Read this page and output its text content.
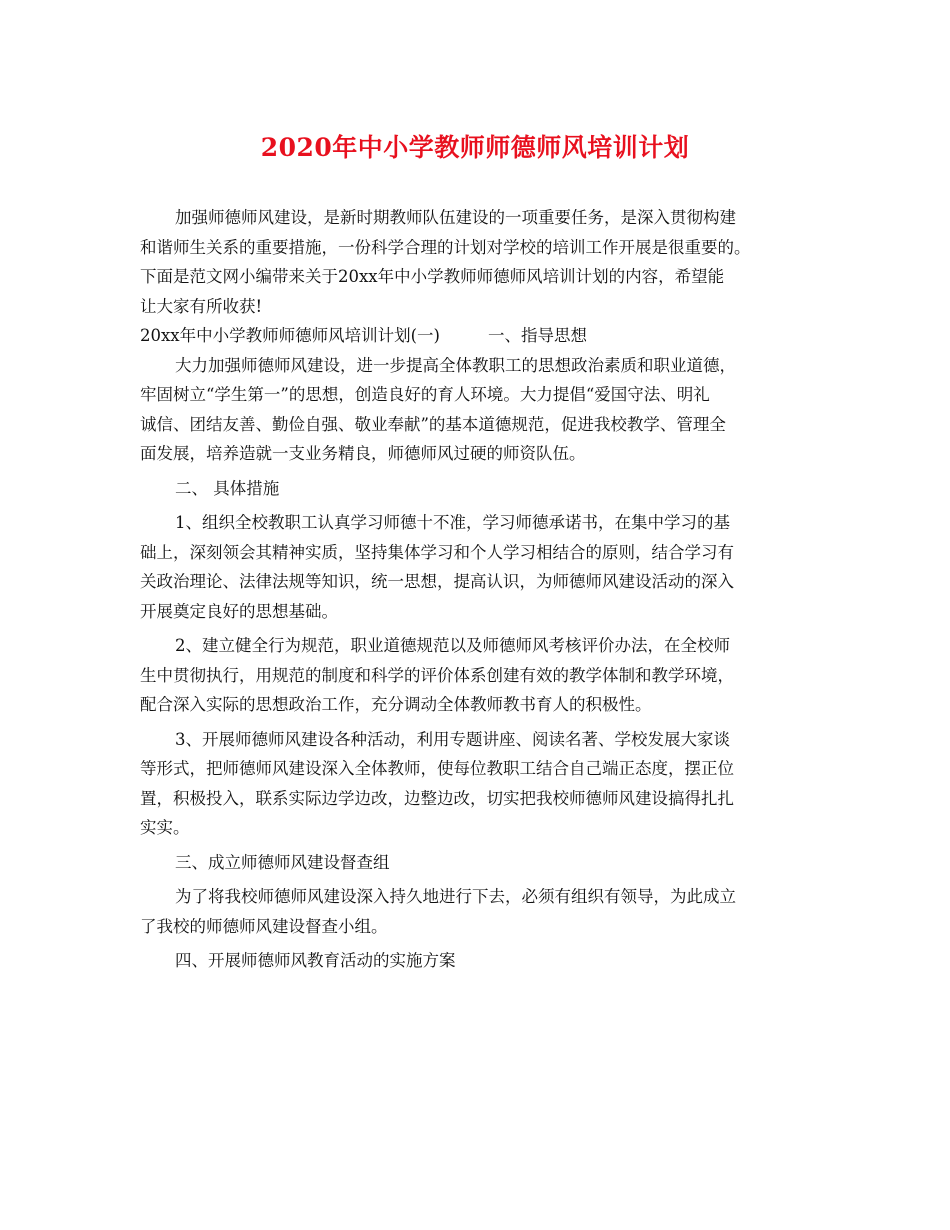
2020年中小学教师师德师风培训计划
加强师德师风建设，是新时期教师队伍建设的一项重要任务，是深入贯彻构建
和谐师生关系的重要措施，一份科学合理的计划对学校的培训工作开展是很重要的。
下面是范文网小编带来关于20xx年中小学教师师德师风培训计划的内容，希望能
让大家有所收获!
20xx年中小学教师师德师风培训计划(一)	一、指导思想
大力加强师德师风建设，进一步提高全体教职工的思想政治素质和职业道德，
牢固树立“学生第一”的思想，创造良好的育人环境。大力提倡“爱国守法、明礼
诚信、团结友善、勤俭自强、敬业奉献”的基本道德规范，促进我校教学、管理全
面发展，培养造就一支业务精良，师德师风过硬的师资队伍。
二、 具体措施
1、组织全校教职工认真学习师德十不准，学习师德承诺书，在集中学习的基
础上，深刻领会其精神实质，坚持集体学习和个人学习相结合的原则，结合学习有
关政治理论、法律法规等知识，统一思想，提高认识，为师德师风建设活动的深入
开展奠定良好的思想基础。
2、建立健全行为规范，职业道德规范以及师德师风考核评价办法，在全校师
生中贯彻执行，用规范的制度和科学的评价体系创建有效的教学体制和教学环境，
配合深入实际的思想政治工作，充分调动全体教师教书育人的积极性。
3、开展师德师风建设各种活动，利用专题讲座、阅读名著、学校发展大家谈
等形式，把师德师风建设深入全体教师，使每位教职工结合自己端正态度，摆正位
置，积极投入，联系实际边学边改，边整边改，切实把我校师德师风建设搞得扎扎
实实。
三、成立师德师风建设督查组
为了将我校师德师风建设深入持久地进行下去，必须有组织有领导，为此成立
了我校的师德师风建设督查小组。
四、开展师德师风教育活动的实施方案
